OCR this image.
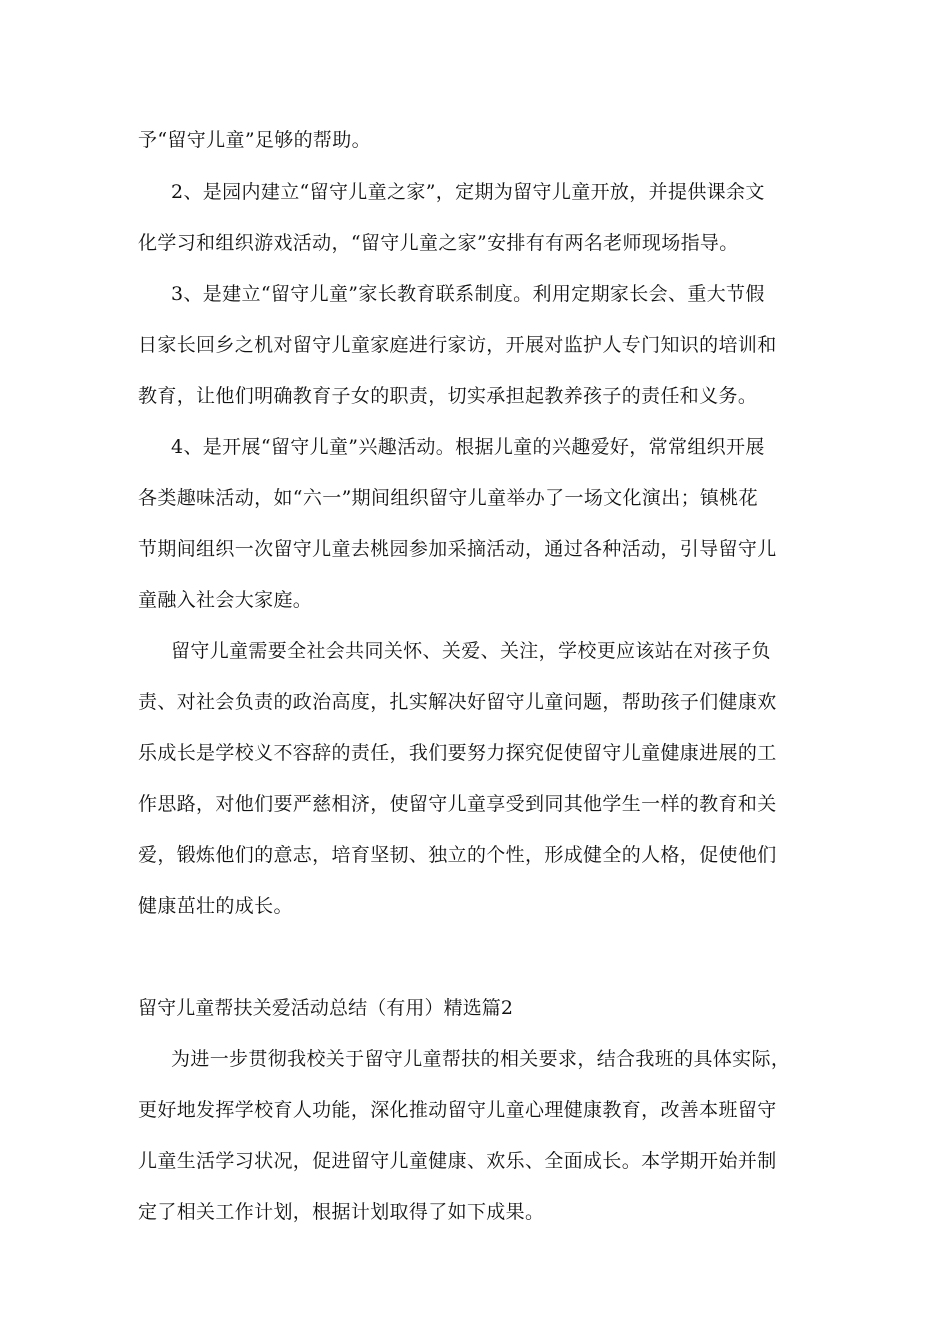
予“留守儿童”足够的帮助。
2、是园内建立“留守儿童之家”，定期为留守儿童开放，并提供课余文
化学习和组织游戏活动，“留守儿童之家”安排有有两名老师现场指导。
3、是建立“留守儿童”家长教育联系制度。利用定期家长会、重大节假
日家长回乡之机对留守儿童家庭进行家访，开展对监护人专门知识的培训和
教育，让他们明确教育子女的职责，切实承担起教养孩子的责任和义务。
4、是开展“留守儿童”兴趣活动。根据儿童的兴趣爱好，常常组织开展
各类趣味活动，如“六一”期间组织留守儿童举办了一场文化演出；镇桃花
节期间组织一次留守儿童去桃园参加采摘活动，通过各种活动，引导留守儿
童融入社会大家庭。
留守儿童需要全社会共同关怀、关爱、关注，学校更应该站在对孩子负
责、对社会负责的政治高度，扎实解决好留守儿童问题，帮助孩子们健康欢
乐成长是学校义不容辞的责任，我们要努力探究促使留守儿童健康进展的工
作思路，对他们要严慈相济，使留守儿童享受到同其他学生一样的教育和关
爱，锻炼他们的意志，培育坚韧、独立的个性，形成健全的人格，促使他们
健康茁壮的成长。
留守儿童帮扶关爱活动总结（有用）精选篇2
为进一步贯彻我校关于留守儿童帮扶的相关要求，结合我班的具体实际，
更好地发挥学校育人功能，深化推动留守儿童心理健康教育，改善本班留守
儿童生活学习状况，促进留守儿童健康、欢乐、全面成长。本学期开始并制
定了相关工作计划，根据计划取得了如下成果。
